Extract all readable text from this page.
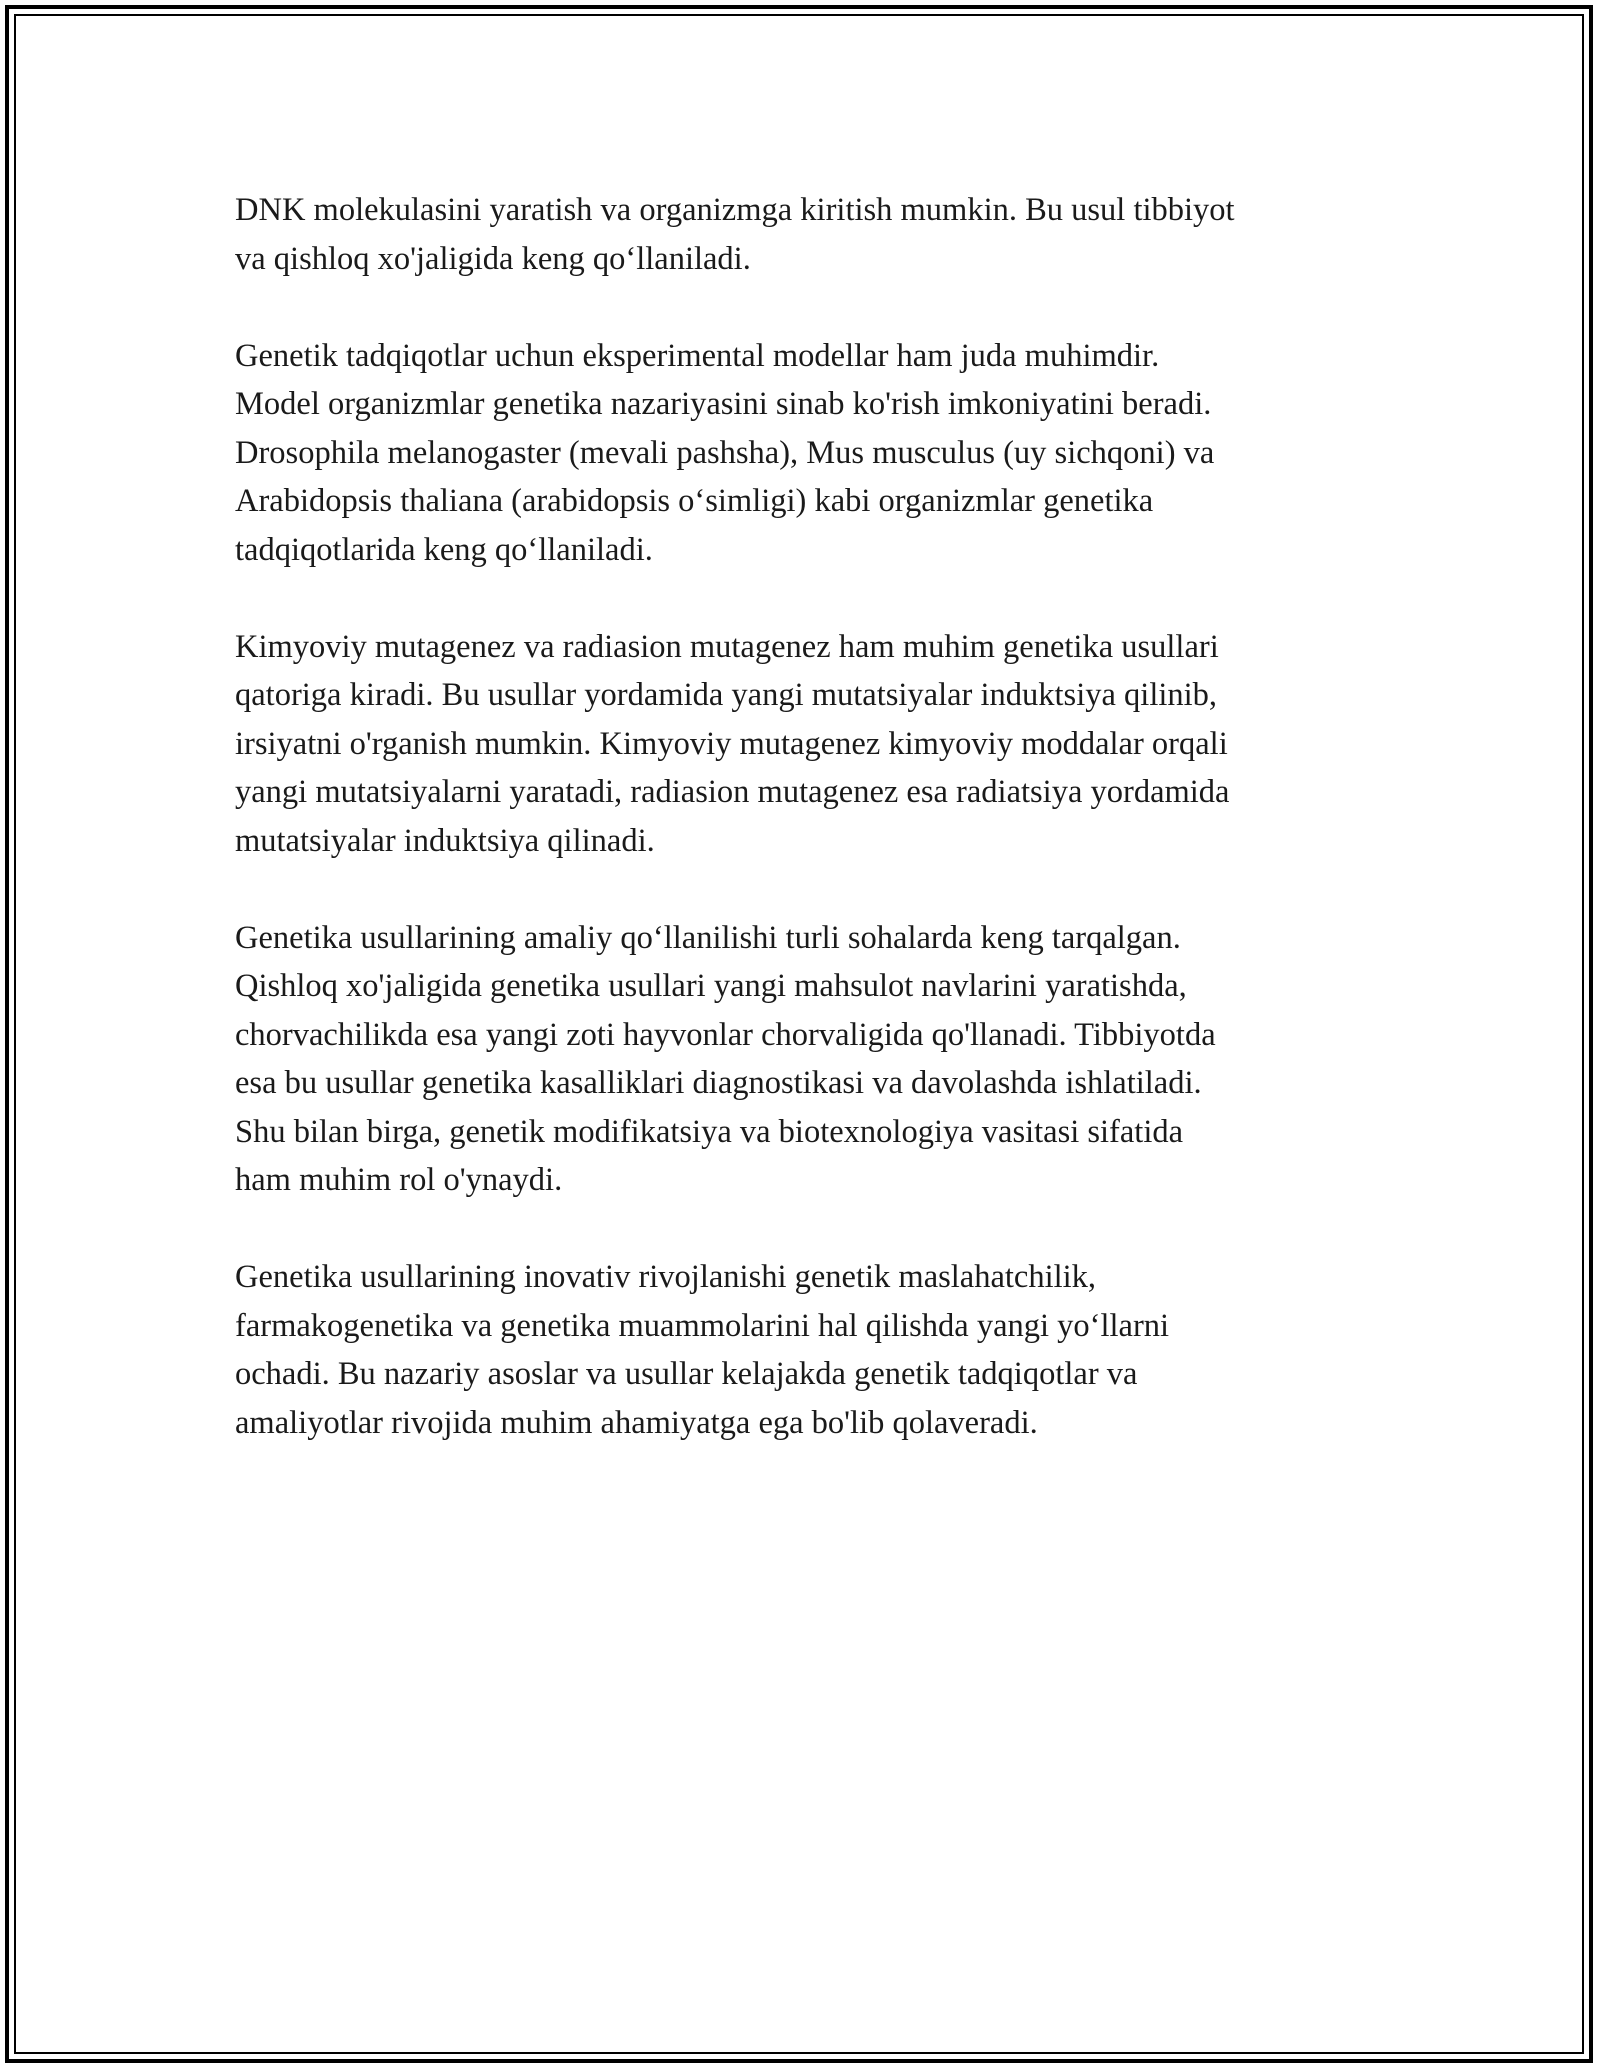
DNK molekulasini yaratish va organizmga kiritish mumkin. Bu usul tibbiyot
va qishloq xo'jaligida keng qo‘llaniladi.

Genetik tadqiqotlar uchun eksperimental modellar ham juda muhimdir.
Model organizmlar genetika nazariyasini sinab ko'rish imkoniyatini beradi.
Drosophila melanogaster (mevali pashsha), Mus musculus (uy sichqoni) va
Arabidopsis thaliana (arabidopsis o‘simligi) kabi organizmlar genetika
tadqiqotlarida keng qo‘llaniladi.

Kimyoviy mutagenez va radiasion mutagenez ham muhim genetika usullari
qatoriga kiradi. Bu usullar yordamida yangi mutatsiyalar induktsiya qilinib,
irsiyatni o'rganish mumkin. Kimyoviy mutagenez kimyoviy moddalar orqali
yangi mutatsiyalarni yaratadi, radiasion mutagenez esa radiatsiya yordamida
mutatsiyalar induktsiya qilinadi.

Genetika usullarining amaliy qo‘llanilishi turli sohalarda keng tarqalgan.
Qishloq xo'jaligida genetika usullari yangi mahsulot navlarini yaratishda,
chorvachilikda esa yangi zoti hayvonlar chorvaligida qo'llanadi. Tibbiyotda
esa bu usullar genetika kasalliklari diagnostikasi va davolashda ishlatiladi.
Shu bilan birga, genetik modifikatsiya va biotexnologiya vasitasi sifatida
ham muhim rol o'ynaydi.

Genetika usullarining inovativ rivojlanishi genetik maslahatchilik,
farmakogenetika va genetika muammolarini hal qilishda yangi yo‘llarni
ochadi. Bu nazariy asoslar va usullar kelajakda genetik tadqiqotlar va
amaliyotlar rivojida muhim ahamiyatga ega bo'lib qolaveradi.
